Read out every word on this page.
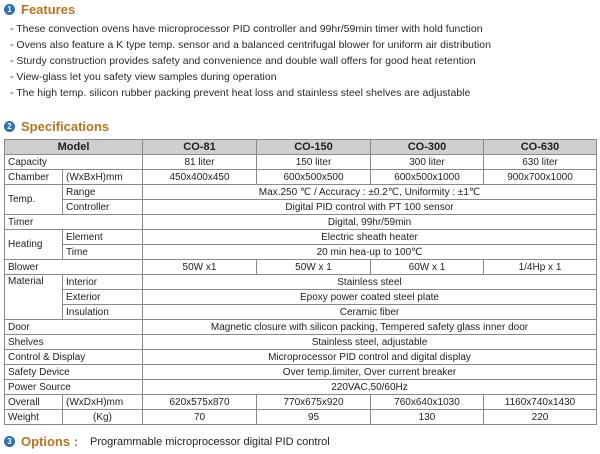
1 Features
- These convection ovens have microprocessor PID controller and 99hr/59min timer with hold function
- Ovens also feature a K type temp. sensor and a balanced centrifugal blower for uniform air distribution
- Sturdy construction provides safety and convenience and double wall offers for good heat retention
- View-glass let you safety view samples during operation
- The high temp. silicon rubber packing prevent heat loss and stainless steel shelves are adjustable
2 Specifications
Model		CO-81	CO-150	CO-300	CO-630
Capacity		81 liter	150 liter	300 liter	630 liter
Chamber	(WxBxH)mm	450x400x450	600x500x500	600x500x1000	900x700x1000
Temp.	Range	Max.250 ℃ / Accuracy : ±0.2℃, Uniformity : ±1℃			
	Controller	Digital PID control with PT 100 sensor			
Timer		Digital, 99hr/59min			
Heating	Element	Electric sheath heater			
	Time	20 min hea-up to 100℃			
Blower		50W x1	50W x 1	60W x 1	1/4Hp x 1
Material	Interior	Stainless steel			
	Exterior	Epoxy power coated steel plate			
	Insulation	Ceramic fiber			
Door		Magnetic closure with silicon packing, Tempered safety glass inner door			
Shelves		Stainless steel, adjustable			
Control & Display		Microprocessor PID control and digital display			
Safety Device		Over temp.limiter, Over current breaker			
Power Source		220VAC,50/60Hz			
Overall	(WxDxH)mm	620x575x870	770x675x920	760x640x1030	1160x740x1430
Weight	(Kg)	70	95	130	220
3 Options : Programmable microprocessor digital PID control
